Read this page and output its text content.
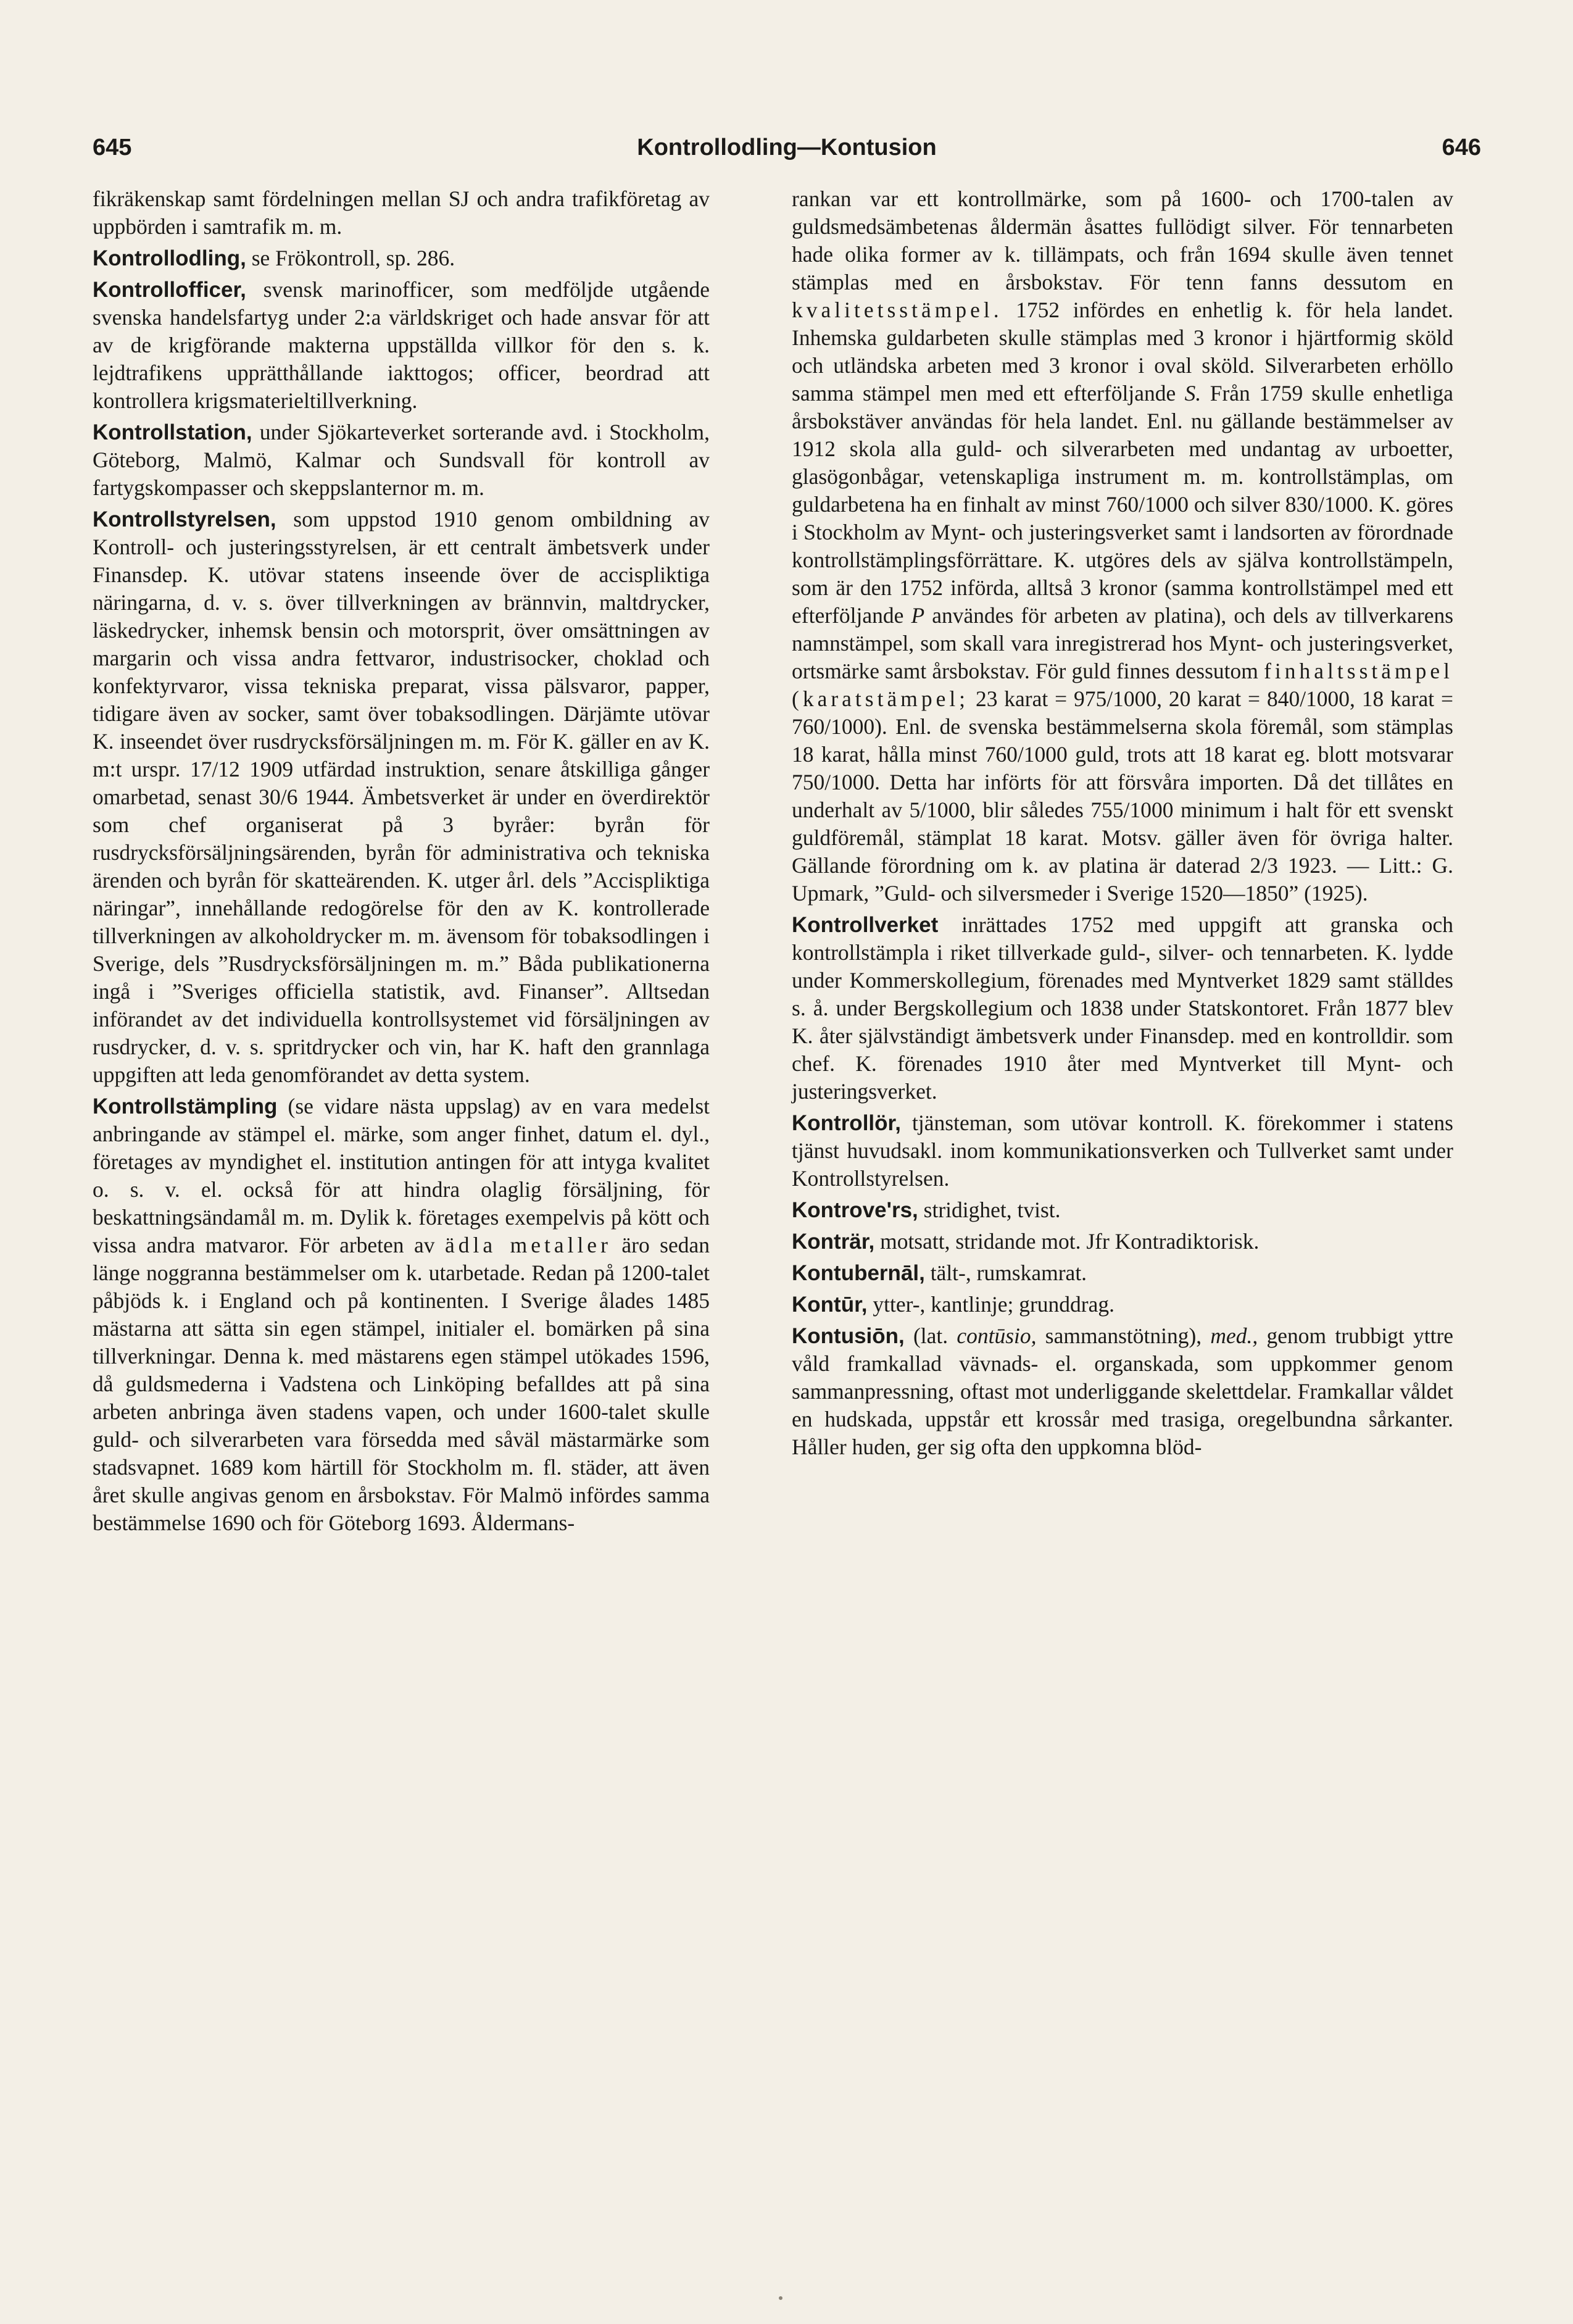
645	Kontrollodling—Kontusion	646

fikräkenskap samt fördelningen mellan SJ och andra trafikföretag av uppbörden i samtrafik m. m.

Kontrollodling, se Frökontroll, sp. 286.

Kontrollofficer, svensk marinofficer, som medföljde utgående svenska handelsfartyg under 2:a världskriget och hade ansvar för att av de krigförande makterna uppställda villkor för den s. k. lejdtrafikens upprätthållande iakttogos; officer, beordrad att kontrollera krigsmaterieltillverkning.

Kontrollstation, under Sjökarteverket sorterande avd. i Stockholm, Göteborg, Malmö, Kalmar och Sundsvall för kontroll av fartygskompasser och skeppslanternor m. m.

Kontrollstyrelsen, som uppstod 1910 genom ombildning av Kontroll- och justeringsstyrelsen, är ett centralt ämbetsverk under Finansdep. K. utövar statens inseende över de accispliktiga näringarna, d. v. s. över tillverkningen av brännvin, maltdrycker, läskedrycker, inhemsk bensin och motorsprit, över omsättningen av margarin och vissa andra fettvaror, industrisocker, choklad och konfektyrvaror, vissa tekniska preparat, vissa pälsvaror, papper, tidigare även av socker, samt över tobaksodlingen. Därjämte utövar K. inseendet över rusdrycksförsäljningen m. m. För K. gäller en av K. m:t urspr. 17/12 1909 utfärdad instruktion, senare åtskilliga gånger omarbetad, senast 30/6 1944. Ämbetsverket är under en överdirektör som chef organiserat på 3 byråer: byrån för rusdrycksförsäljningsärenden, byrån för administrativa och tekniska ärenden och byrån för skatteärenden. K. utger årl. dels ”Accispliktiga näringar”, innehållande redogörelse för den av K. kontrollerade tillverkningen av alkoholdrycker m. m. ävensom för tobaksodlingen i Sverige, dels ”Rusdrycksförsäljningen m. m.” Båda publikationerna ingå i ”Sveriges officiella statistik, avd. Finanser”. Alltsedan införandet av det individuella kontrollsystemet vid försäljningen av rusdrycker, d. v. s. spritdrycker och vin, har K. haft den grannlaga uppgiften att leda genomförandet av detta system.

Kontrollstämpling (se vidare nästa uppslag) av en vara medelst anbringande av stämpel el. märke, som anger finhet, datum el. dyl., företages av myndighet el. institution antingen för att intyga kvalitet o. s. v. el. också för att hindra olaglig försäljning, för beskattningsändamål m. m. Dylik k. företages exempelvis på kött och vissa andra matvaror. För arbeten av ädla metaller äro sedan länge noggranna bestämmelser om k. utarbetade. Redan på 1200-talet påbjöds k. i England och på kontinenten. I Sverige ålades 1485 mästarna att sätta sin egen stämpel, initialer el. bomärken på sina tillverkningar. Denna k. med mästarens egen stämpel utökades 1596, då guldsmederna i Vadstena och Linköping befalldes att på sina arbeten anbringa även stadens vapen, och under 1600-talet skulle guld- och silverarbeten vara försedda med såväl mästarmärke som stadsvapnet. 1689 kom härtill för Stockholm m. fl. städer, att även året skulle angivas genom en årsbokstav. För Malmö infördes samma bestämmelse 1690 och för Göteborg 1693. Åldermans-

rankan var ett kontrollmärke, som på 1600- och 1700-talen av guldsmedsämbetenas åldermän åsattes fullödigt silver. För tennarbeten hade olika former av k. tillämpats, och från 1694 skulle även tennet stämplas med en årsbokstav. För tenn fanns dessutom en kvalitetsstämpel. 1752 infördes en enhetlig k. för hela landet. Inhemska guldarbeten skulle stämplas med 3 kronor i hjärtformig sköld och utländska arbeten med 3 kronor i oval sköld. Silverarbeten erhöllo samma stämpel men med ett efterföljande S. Från 1759 skulle enhetliga årsbokstäver användas för hela landet. Enl. nu gällande bestämmelser av 1912 skola alla guld- och silverarbeten med undantag av urboetter, glasögonbågar, vetenskapliga instrument m. m. kontrollstämplas, om guldarbetena ha en finhalt av minst 760/1000 och silver 830/1000. K. göres i Stockholm av Mynt- och justeringsverket samt i landsorten av förordnade kontrollstämplingsförrättare. K. utgöres dels av själva kontrollstämpeln, som är den 1752 införda, alltså 3 kronor (samma kontrollstämpel med ett efterföljande P användes för arbeten av platina), och dels av tillverkarens namnstämpel, som skall vara inregistrerad hos Mynt- och justeringsverket, ortsmärke samt årsbokstav. För guld finnes dessutom finhaltsstämpel (karatstämpel; 23 karat = 975/1000, 20 karat = 840/1000, 18 karat = 760/1000). Enl. de svenska bestämmelserna skola föremål, som stämplas 18 karat, hålla minst 760/1000 guld, trots att 18 karat eg. blott motsvarar 750/1000. Detta har införts för att försvåra importen. Då det tillåtes en underhalt av 5/1000, blir således 755/1000 minimum i halt för ett svenskt guldföremål, stämplat 18 karat. Motsv. gäller även för övriga halter. Gällande förordning om k. av platina är daterad 2/3 1923. — Litt.: G. Upmark, ”Guld- och silversmeder i Sverige 1520—1850” (1925).

Kontrollverket inrättades 1752 med uppgift att granska och kontrollstämpla i riket tillverkade guld-, silver- och tennarbeten. K. lydde under Kommerskollegium, förenades med Myntverket 1829 samt ställdes s. å. under Bergskollegium och 1838 under Statskontoret. Från 1877 blev K. åter självständigt ämbetsverk under Finansdep. med en kontrolldir. som chef. K. förenades 1910 åter med Myntverket till Mynt- och justeringsverket.

Kontrollör, tjänsteman, som utövar kontroll. K. förekommer i statens tjänst huvudsakl. inom kommunikationsverken och Tullverket samt under Kontrollstyrelsen.

Kontrove'rs, stridighet, tvist.

Konträr, motsatt, stridande mot. Jfr Kontradiktorisk.

Kontubernāl, tält-, rumskamrat.

Kontūr, ytter-, kantlinje; grunddrag.

Kontusiōn, (lat. contūsio, sammanstötning), med., genom trubbigt yttre våld framkallad vävnads- el. organskada, som uppkommer genom sammanpressning, oftast mot underliggande skelettdelar. Framkallar våldet en hudskada, uppstår ett krossår med trasiga, oregelbundna sårkanter. Håller huden, ger sig ofta den uppkomna blöd-
